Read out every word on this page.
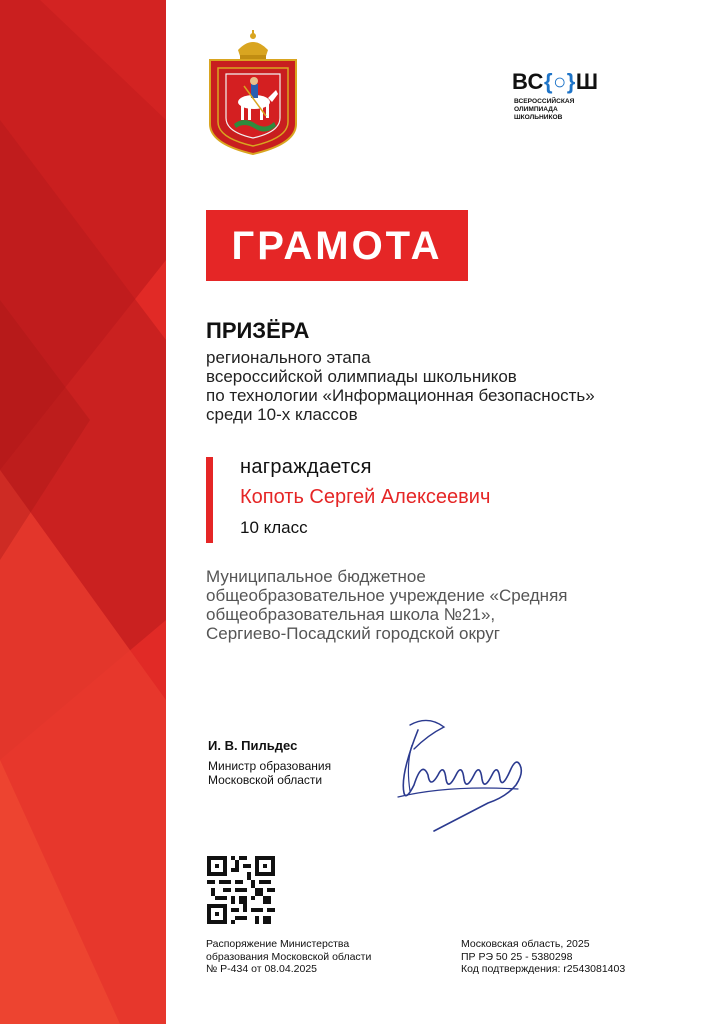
ВС{○}Ш
ВСЕРОССИЙСКАЯ
ОЛИМПИАДА
ШКОЛЬНИКОВ
ГРАМОТА
ПРИЗЁРА
регионального этапа
всероссийской олимпиады школьников
по технологии «Информационная безопасность»
среди 10-х классов
награждается
Копоть Сергей Алексеевич
10 класс
Муниципальное бюджетное
общеобразовательное учреждение «Средняя
общеобразовательная школа №21»,
Сергиево-Посадский городской округ
И. В. Пильдес
Министр образования
Московской области
Распоряжение Министерства
образования Московской области
№ Р-434 от 08.04.2025
Московская область, 2025
ПР РЭ 50 25 - 5380298
Код подтверждения: r2543081403
